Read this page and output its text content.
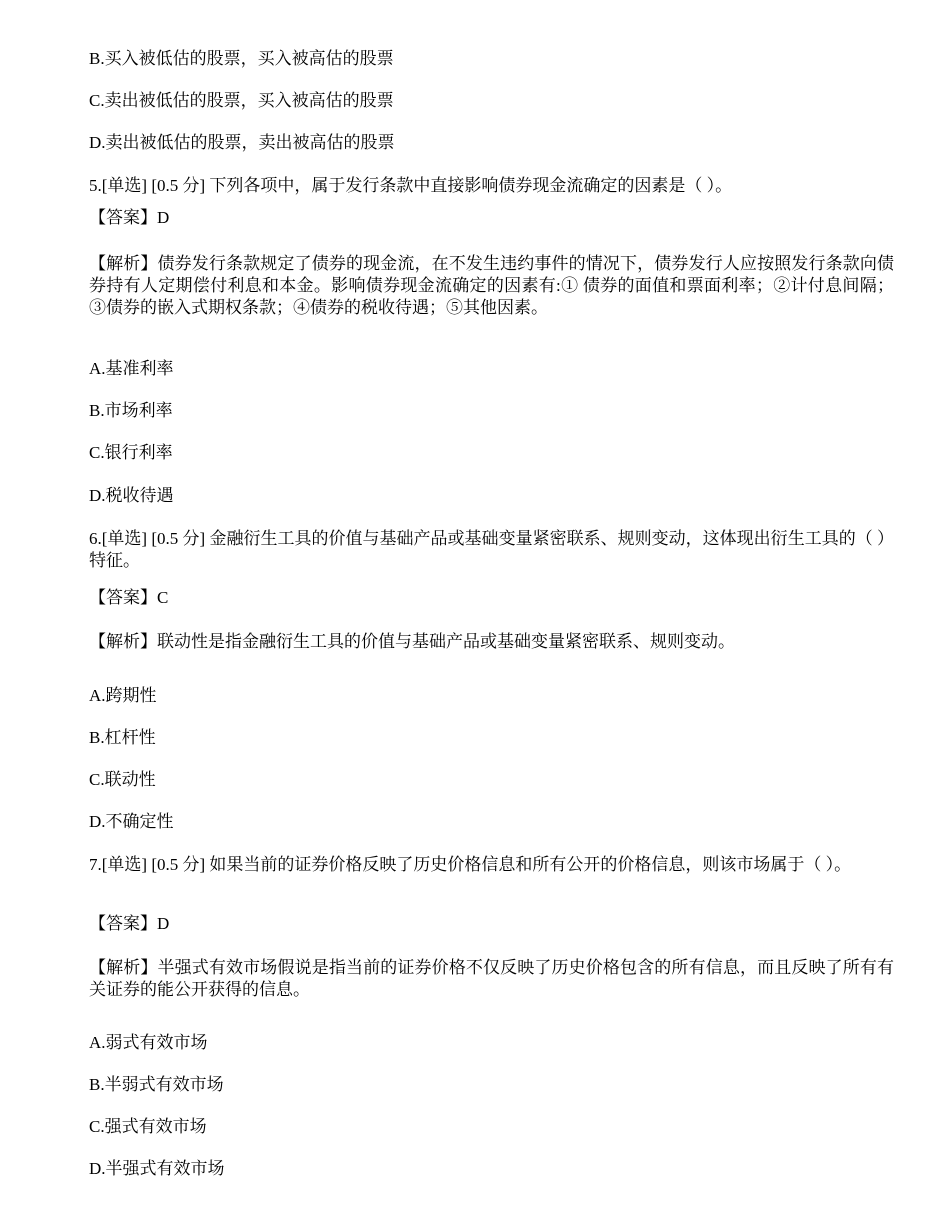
B.买入被低估的股票，买入被高估的股票
C.卖出被低估的股票，买入被高估的股票
D.卖出被低估的股票，卖出被高估的股票
5.[单选] [0.5 分] 下列各项中，属于发行条款中直接影响债券现金流确定的因素是（ ）。
【答案】D
【解析】债券发行条款规定了债券的现金流，在不发生违约事件的情况下，债券发行人应按照发行条款向债券持有人定期偿付利息和本金。影响债券现金流确定的因素有:① 债券的面值和票面利率；②计付息间隔；③债券的嵌入式期权条款；④债券的税收待遇；⑤其他因素。
A.基准利率
B.市场利率
C.银行利率
D.税收待遇
6.[单选] [0.5 分] 金融衍生工具的价值与基础产品或基础变量紧密联系、规则变动，这体现出衍生工具的（ ）特征。
【答案】C
【解析】联动性是指金融衍生工具的价值与基础产品或基础变量紧密联系、规则变动。
A.跨期性
B.杠杆性
C.联动性
D.不确定性
7.[单选] [0.5 分] 如果当前的证券价格反映了历史价格信息和所有公开的价格信息，则该市场属于（ ）。
【答案】D
【解析】半强式有效市场假说是指当前的证券价格不仅反映了历史价格包含的所有信息，而且反映了所有有关证券的能公开获得的信息。
A.弱式有效市场
B.半弱式有效市场
C.强式有效市场
D.半强式有效市场
